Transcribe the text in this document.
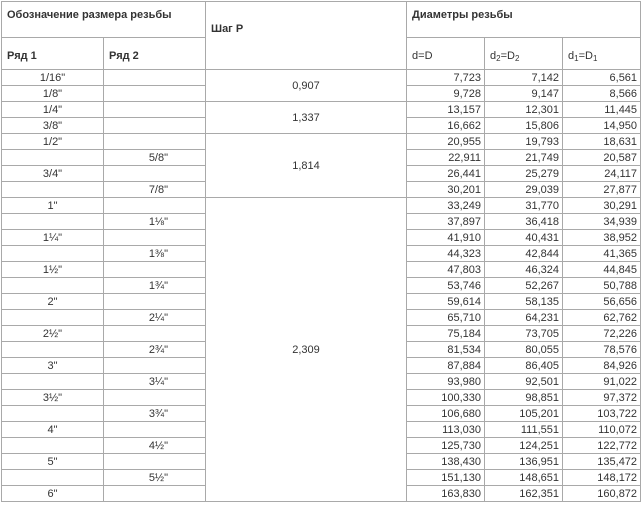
Обозначение размера резьбы		Шаг P	Диаметры резьбы		
Ряд 1	Ряд 2		d=D	$d_2=D_2$	$d_1=D_1$
1/16"		0,907	7,723	7,142	6,561
1/8"			9,728	9,147	8,566
1/4"		1,337	13,157	12,301	11,445
3/8"			16,662	15,806	14,950
1/2"		1,814	20,955	19,793	18,631
	5/8"		22,911	21,749	20,587
3/4"			26,441	25,279	24,117
	7/8"		30,201	29,039	27,877
1"		2,309	33,249	31,770	30,291
	1⅛"		37,897	36,418	34,939
1¼"			41,910	40,431	38,952
	1⅜"		44,323	42,844	41,365
1½"			47,803	46,324	44,845
	1¾"		53,746	52,267	50,788
2"			59,614	58,135	56,656
	2¼"		65,710	64,231	62,762
2½"			75,184	73,705	72,226
	2¾"		81,534	80,055	78,576
3"			87,884	86,405	84,926
	3¼"		93,980	92,501	91,022
3½"			100,330	98,851	97,372
	3¾"		106,680	105,201	103,722
4"			113,030	111,551	110,072
	4½"		125,730	124,251	122,772
5"			138,430	136,951	135,472
	5½"		151,130	148,651	148,172
6"			163,830	162,351	160,872
